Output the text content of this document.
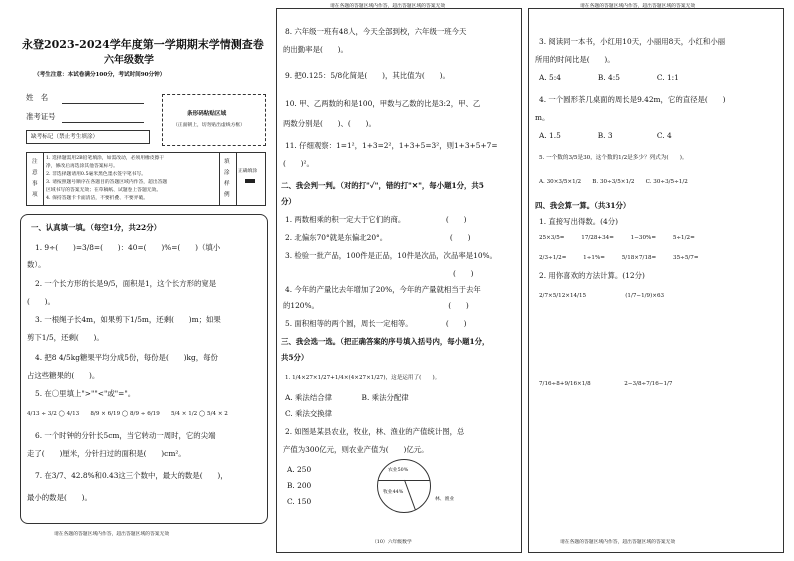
永登2023-2024学年度第一学期期末学情测查卷
六年级数学
（考生注意：本试卷满分100分，考试时间90分钟）
姓　名
准考证号
缺考标记（禁止考生填涂）
条形码粘贴区域
（正面朝上，切勿贴出虚线方框）
注
意
事
项
1. 选择题需用2B铅笔填涂，如需改动，必须用橡皮擦干
净，修改后再选涂其他答案标号。
2. 非选择题请用0.5毫米黑色墨水签字笔书写。
3. 请按照题号顺序在各题目的答题区域内作答，超出答题
区域书写的答案无效；在草稿纸、试题卷上答题无效。
4. 保持答题卡卡面清洁，不要折叠、不要弄破。
填
涂
样
例
正确填涂
一、认真填一填。（每空1分，共22分）
1. 9÷(　　)=3/8=(　　)：40=(　　)%=(　　)（填小
数）。
2. 一个长方形的长是9/5，面积是1，这个长方形的宽是
(　　)。
3. 一根绳子长4m，如果剪下1/5m，还剩(　　)m；如果
剪下1/5，还剩(　　)。
4. 把8 4/5kg糖果平均分成5份，每份是(　　)kg，每份
占这些糖果的(　　)。
5. 在〇里填上">""<"或"="。
4/13 ÷ 3/2 ◯ 4/13　　8/9 × 6/19 ◯ 8/9 ÷ 6/19　　5/4 × 1/2 ◯ 5/4 × 2
6. 一个时钟的分针长5cm，当它转动一周时，它的尖端
走了(　　)厘米，分针扫过的面积是(　　)cm²。
7. 在3/7、42.8%和0.43这三个数中，最大的数是(　　)，
最小的数是(　　)。
请在各题的答题区域内作答，超出答题区域的答案无效
请在各题的答题区域内作答，超出答题区域的答案无效
8. 六年级一班有48人，今天全部到校，六年级一班今天
的出勤率是(　　)。
9. 把0.125：5/8化简是(　　)，其比值为(　　)。
10. 甲、乙两数的和是100，甲数与乙数的比是3:2，甲、乙
两数分别是(　　)、(　　)。
11. 仔细观察：1=1²，1+3=2²，1+3+5=3²，则1+3+5+7=
(　　)²。
二、我会判一判。（对的打"✓"，错的打"✕"，每小题1分，共5
分）
1. 两数相乘的积一定大于它们的商。　　　　　　(　　)
2. 北偏东70°就是东偏北20°。　　　　　　　　　(　　)
3. 检验一批产品，100件是正品，10件是次品，次品率是10%。
　　　　　　　　　　　　　　　　　　　　　　　(　　)
4. 今年的产量比去年增加了20%，今年的产量就相当于去年
的120%。　　　　　　　　　　　　　　　　　　(　　)
5. 面积相等的两个圆，周长一定相等。　　　　　(　　)
三、我会选一选。（把正确答案的序号填入括号内，每小题1分，
共5分）
1. 1/4×27×1/27+1/4×(4×27×1/27)，这是运用了(　　)。
A. 乘法结合律　　　　B. 乘法分配律
C. 乘法交换律
2. 如图是某县农业，牧业，林、渔业的产值统计图，总
产值为300亿元，则农业产值为(　　)亿元。
A. 250
B. 200
C. 150
农业50%
牧业44%
林、渔业
（10）六年级数学
请在各题的答题区域内作答，超出答题区域的答案无效
3. 阅读同一本书，小红用10天，小丽用8天，小红和小丽
所用的时间比是(　　)。
A. 5:4　　　　　B. 4:5　　　　　C. 1:1
4. 一个圆形茶几桌面的周长是9.42m，它的直径是(　　)
m。
A. 1.5　　　　　B. 3　　　　　　C. 4
5. 一个数的3/5是30，这个数的1/2是多少？列式为(　　)。
A. 30×3/5×1/2　　B. 30÷3/5×1/2　　C. 30÷3/5÷1/2
四、我会算一算。（共31分）
1. 直接写出得数。(4分)
25×3/5=　　　17/28+34=　　　1−30%=　　　5÷1/2=
2/3÷1/2=　　　1÷1%=　　　5/18×7/18=　　　35÷5/7=
2. 用你喜欢的方法计算。(12分)
2/7×5/12×14/15　　　　　　　(1/7−1/9)×63
7/16÷8+9/16×1/8　　　　　　2−3/8÷7/16−1/7
请在各题的答题区域内作答，超出答题区域的答案无效
